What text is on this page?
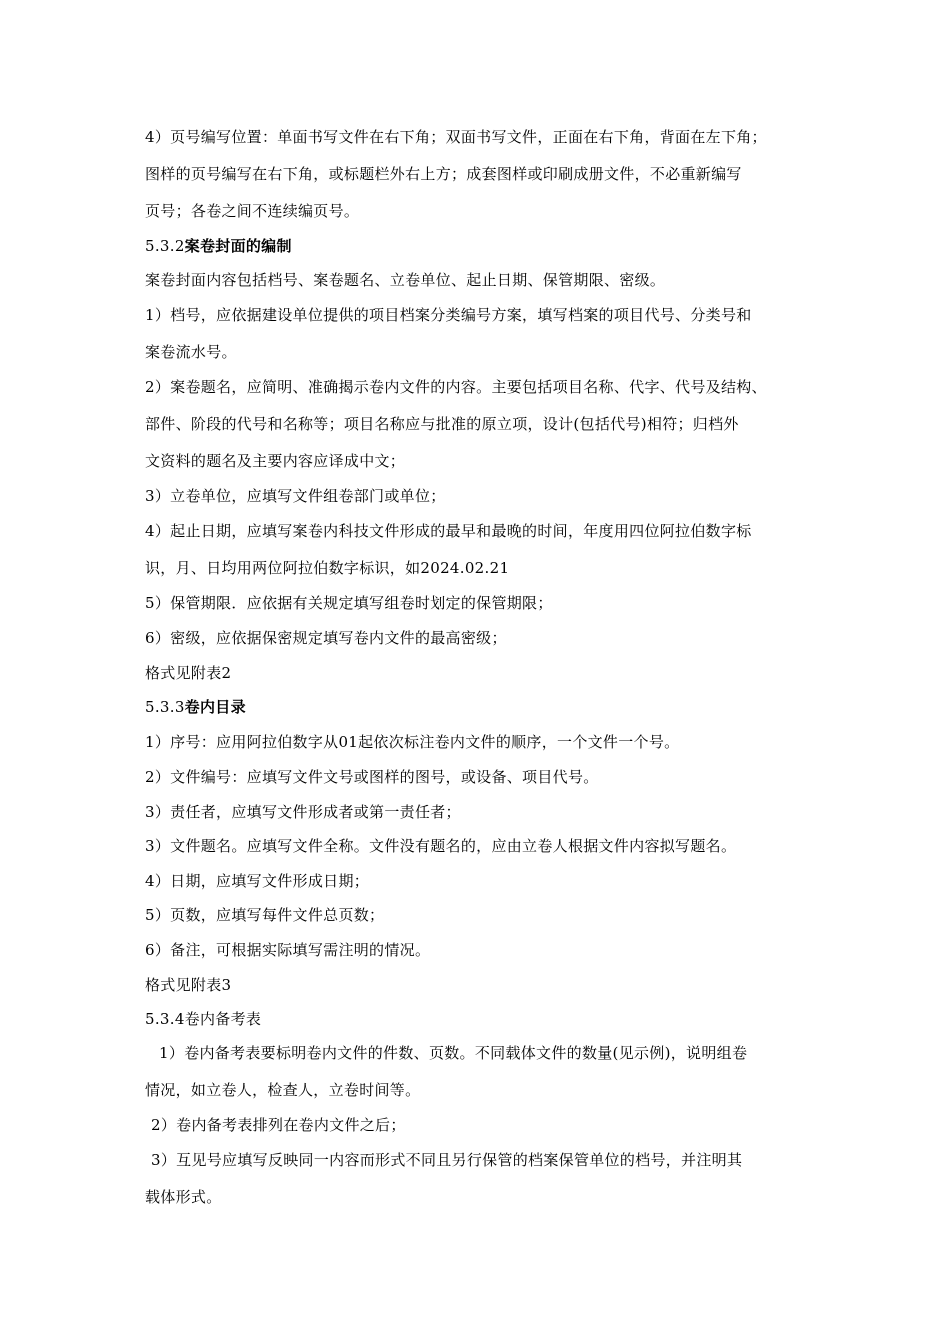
4）页号编写位置：单面书写文件在右下角；双面书写文件，正面在右下角，背面在左下角；
图样的页号编写在右下角，或标题栏外右上方；成套图样或印刷成册文件，不必重新编写
页号；各卷之间不连续编页号。
5.3.2案卷封面的编制
案卷封面内容包括档号、案卷题名、立卷单位、起止日期、保管期限、密级。
1）档号，应依据建设单位提供的项目档案分类编号方案，填写档案的项目代号、分类号和
案卷流水号。
2）案卷题名，应简明、准确揭示卷内文件的内容。主要包括项目名称、代字、代号及结构、
部件、阶段的代号和名称等；项目名称应与批准的原立项，设计(包括代号)相符；归档外
文资料的题名及主要内容应译成中文；
3）立卷单位，应填写文件组卷部门或单位；
4）起止日期，应填写案卷内科技文件形成的最早和最晚的时间，年度用四位阿拉伯数字标
识，月、日均用两位阿拉伯数字标识，如2024.02.21
5）保管期限．应依据有关规定填写组卷时划定的保管期限；
6）密级，应依据保密规定填写卷内文件的最高密级；
格式见附表2
5.3.3卷内目录
1）序号：应用阿拉伯数字从01起依次标注卷内文件的顺序，一个文件一个号。
2）文件编号：应填写文件文号或图样的图号，或设备、项目代号。
3）责任者，应填写文件形成者或第一责任者；
3）文件题名。应填写文件全称。文件没有题名的，应由立卷人根据文件内容拟写题名。
4）日期，应填写文件形成日期；
5）页数，应填写每件文件总页数；
6）备注，可根据实际填写需注明的情况。
格式见附表3
5.3.4卷内备考表
1）卷内备考表要标明卷内文件的件数、页数。不同载体文件的数量(见示例)，说明组卷
情况，如立卷人，检查人，立卷时间等。
2）卷内备考表排列在卷内文件之后；
3）互见号应填写反映同一内容而形式不同且另行保管的档案保管单位的档号，并注明其
载体形式。
